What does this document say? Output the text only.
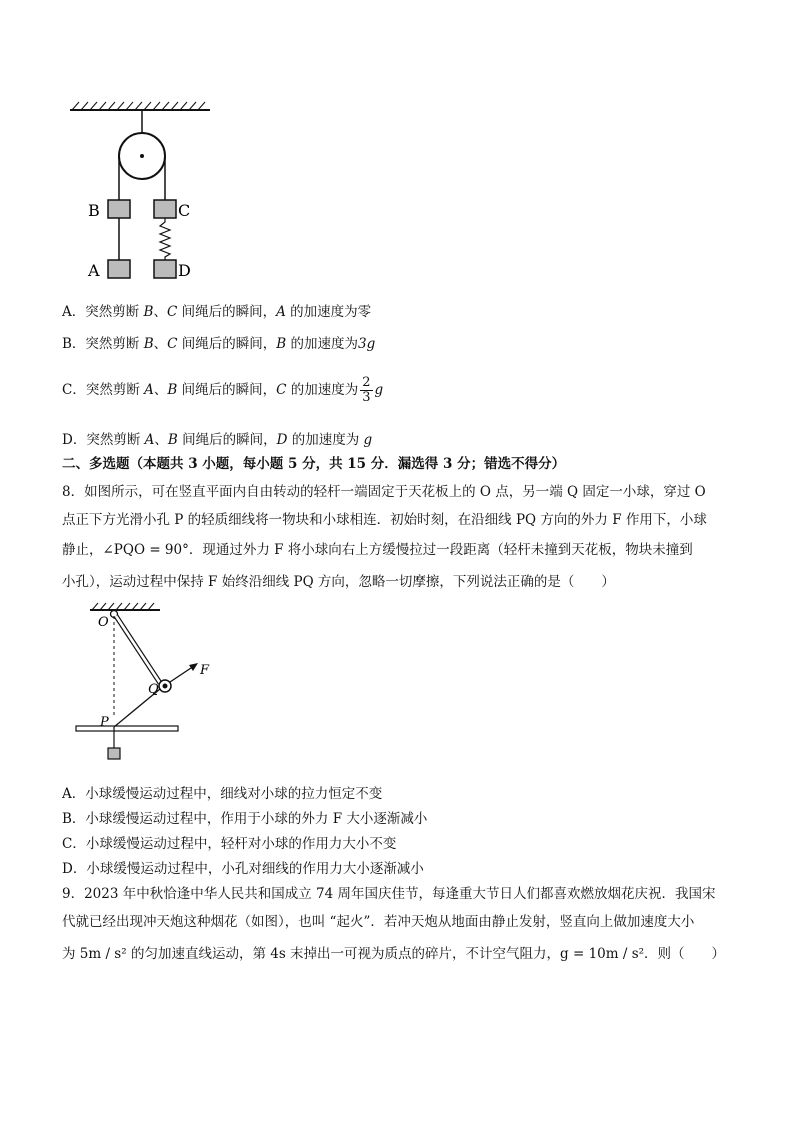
B	C
A	D
A．突然剪断 B、C 间绳后的瞬间，A 的加速度为零
B．突然剪断 B、C 间绳后的瞬间，B 的加速度为3g
C．突然剪断 A、B 间绳后的瞬间，C 的加速度为 $\frac{2}{3}$ g
D．突然剪断 A、B 间绳后的瞬间，D 的加速度为 g
二、多选题（本题共 3 小题，每小题 5 分，共 15 分．漏选得 3 分；错选不得分）
8．如图所示，可在竖直平面内自由转动的轻杆一端固定于天花板上的 O 点，另一端 Q 固定一小球，穿过 O
点正下方光滑小孔 P 的轻质细线将一物块和小球相连．初始时刻，在沿细线 PQ 方向的外力 F 作用下，小球
静止，∠PQO = 90°．现通过外力 F 将小球向右上方缓慢拉过一段距离（轻杆未撞到天花板，物块未撞到
小孔），运动过程中保持 F 始终沿细线 PQ 方向，忽略一切摩擦，下列说法正确的是（　　）
O
Q
P
F
A．小球缓慢运动过程中，细线对小球的拉力恒定不变
B．小球缓慢运动过程中，作用于小球的外力 F 大小逐渐减小
C．小球缓慢运动过程中，轻杆对小球的作用力大小不变
D．小球缓慢运动过程中，小孔对细线的作用力大小逐渐减小
9．2023 年中秋恰逢中华人民共和国成立 74 周年国庆佳节，每逢重大节日人们都喜欢燃放烟花庆祝．我国宋
代就已经出现冲天炮这种烟花（如图），也叫 “起火”．若冲天炮从地面由静止发射，竖直向上做加速度大小
为 5m / s² 的匀加速直线运动，第 4s 末掉出一可视为质点的碎片，不计空气阻力，g = 10m / s²．则（　　）
